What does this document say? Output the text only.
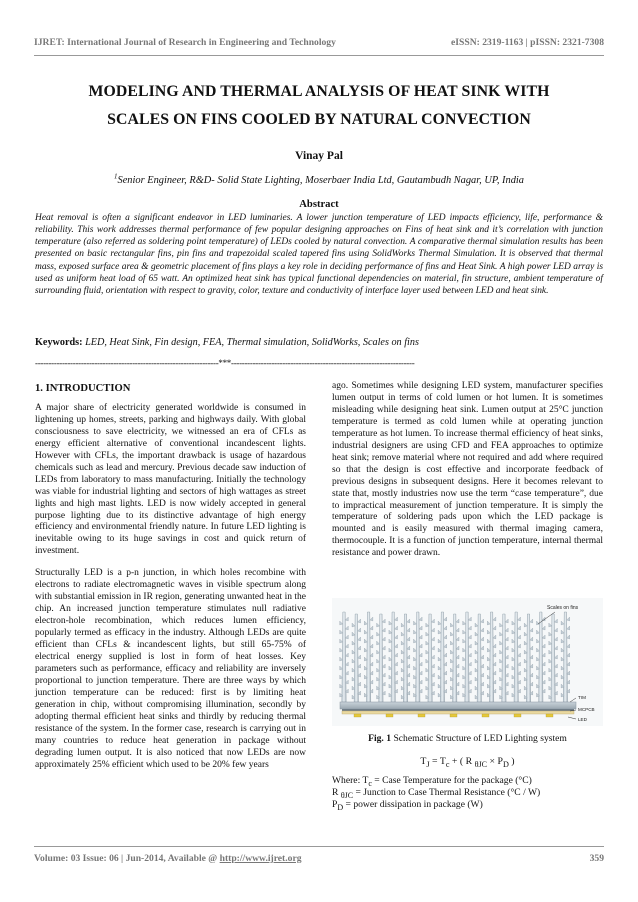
IJRET: International Journal of Research in Engineering and Technology	eISSN: 2319-1163 | pISSN: 2321-7308
MODELING AND THERMAL ANALYSIS OF HEAT SINK WITH
SCALES ON FINS COOLED BY NATURAL CONVECTION
Vinay Pal
$^1$Senior Engineer, R&D- Solid State Lighting, Moserbaer India Ltd, Gautambudh Nagar, UP, India
Abstract
Heat removal is often a significant endeavor in LED luminaries. A lower junction temperature of LED impacts efficiency, life, performance & reliability. This work addresses thermal performance of few popular designing approaches on Fins of heat sink and it’s correlation with junction temperature (also referred as soldering point temperature) of LEDs cooled by natural convection. A comparative thermal simulation results has been presented on basic rectangular fins, pin fins and trapezoidal scaled tapered fins using SolidWorks Thermal Simulation. It is observed that thermal mass, exposed surface area & geometric placement of fins plays a key role in deciding performance of fins and Heat Sink. A high power LED array is used as uniform heat load of 65 watt. An optimized heat sink has typical functional dependencies on material, fin structure, ambient temperature of surrounding fluid, orientation with respect to gravity, color, texture and conductivity of interface layer used between LED and heat sink.
Keywords: LED, Heat Sink, Fin design, FEA, Thermal simulation, SolidWorks, Scales on fins
--------------------------------------------------------------------***--------------------------------------------------------------------
1. INTRODUCTION

A major share of electricity generated worldwide is consumed in lightening up homes, streets, parking and highways daily. With global consciousness to save electricity, we witnessed an era of CFLs as energy efficient alternative of conventional incandescent lights. However with CFLs, the important drawback is usage of hazardous chemicals such as lead and mercury. Previous decade saw induction of LEDs from laboratory to mass manufacturing. Initially the technology was viable for industrial lighting and sectors of high wattages as street lights and high mast lights. LED is now widely accepted in general purpose lighting due to its distinctive advantage of high energy efficiency and environmental friendly nature. In future LED lighting is inevitable owing to its huge savings in cost and quick return of investment.

Structurally LED is a p-n junction, in which holes recombine with electrons to radiate electromagnetic waves in visible spectrum along with substantial emission in IR region, generating unwanted heat in the chip. An increased junction temperature stimulates null radiative electron-hole recombination, which reduces lumen efficiency, popularly termed as efficacy in the industry. Although LEDs are quite efficient than CFLs & incandescent lights, but still 65-75% of electrical energy supplied is lost in form of heat losses. Key parameters such as performance, efficacy and reliability are inversely proportional to junction temperature. There are three ways by which junction temperature can be reduced: first is by limiting heat generation in chip, without compromising illumination, secondly by adopting thermal efficient heat sinks and thirdly by reducing thermal resistance of the system. In the former case, research is carrying out in many countries to reduce heat generation in package without degrading lumen output. It is also noticed that now LEDs are now approximately 25% efficient which used to be 20% few years

ago. Sometimes while designing LED system, manufacturer specifies lumen output in terms of cold lumen or hot lumen. It is sometimes misleading while designing heat sink. Lumen output at 25°C junction temperature is termed as cold lumen while at operating junction temperature as hot lumen. To increase thermal efficiency of heat sinks, industrial designers are using CFD and FEA approaches to optimize heat sink; remove material where not required and add where required so that the design is cost effective and incorporate feedback of previous designs in subsequent designs. Here it becomes relevant to state that, mostly industries now use the term “case temperature”, due to impractical measurement of junction temperature. It is simply the temperature of soldering pads upon which the LED package is mounted and is easily measured with thermal imaging camera, thermocouple. It is a function of junction temperature, internal thermal resistance and power drawn.

Scales on fins
TIM
MCPCB
LED
Fig. 1 Schematic Structure of LED Lighting system
$T_J = T_c$ + ( R $_{\theta JC} \times P_D$ )
Where: $T_c$ = Case Temperature for the package (°C)
R $_{\theta JC}$ = Junction to Case Thermal Resistance (°C / W)
$P_D$ = power dissipation in package (W)
Volume: 03 Issue: 06 | Jun-2014, Available @ http://www.ijret.org	359
